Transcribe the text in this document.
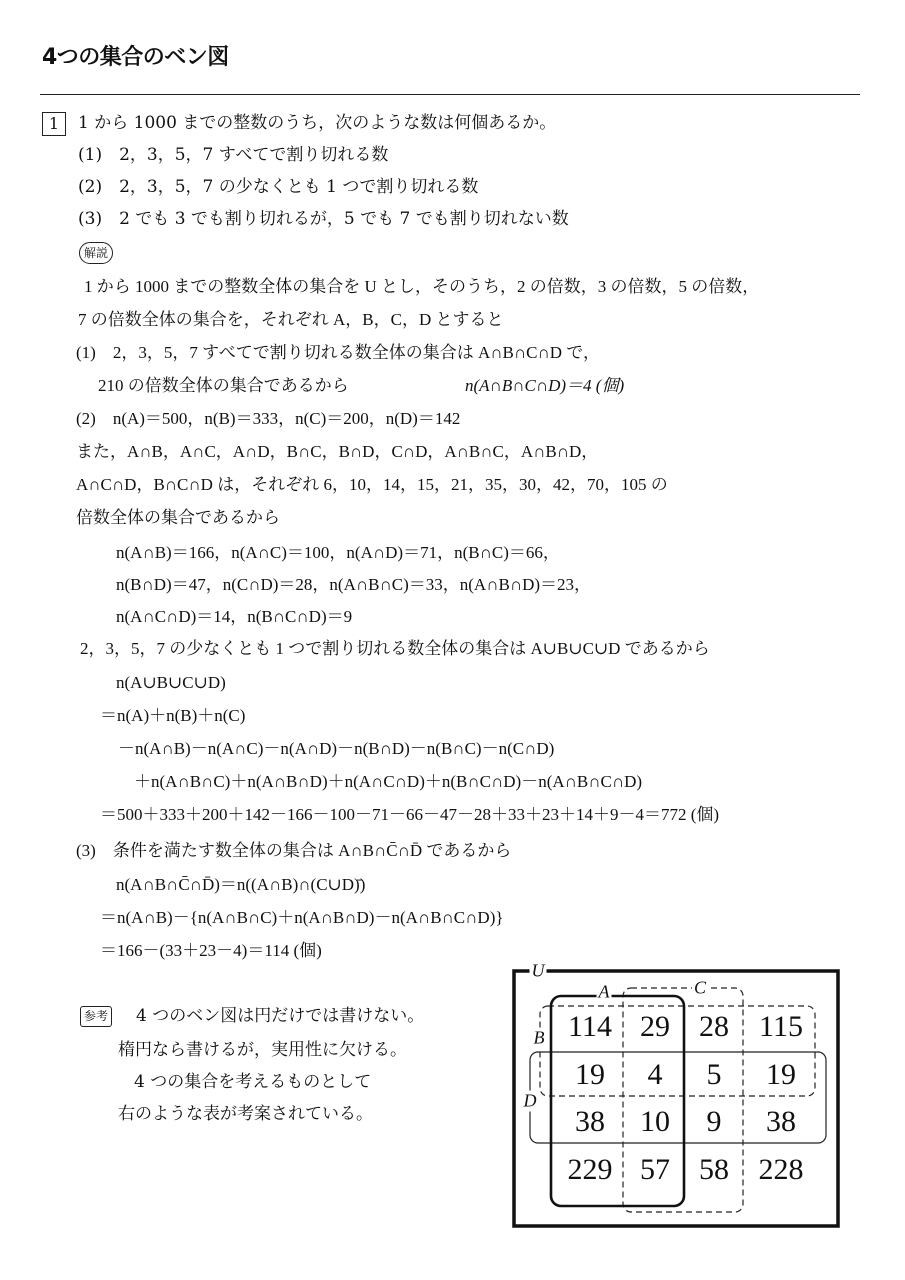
4つの集合のベン図
1	1 から 1000 までの整数のうち，次のような数は何個あるか。
(1)　2，3，5，7 すべてで割り切れる数
(2)　2，3，5，7 の少なくとも 1 つで割り切れる数
(3)　2 でも 3 でも割り切れるが，5 でも 7 でも割り切れない数
解説
1 から 1000 までの整数全体の集合を U とし，そのうち，2 の倍数，3 の倍数，5 の倍数，
7 の倍数全体の集合を，それぞれ A，B，C，D とすると
(1)　2，3，5，7 すべてで割り切れる数全体の集合は A∩B∩C∩D で，
210 の倍数全体の集合であるから	n(A∩B∩C∩D)＝4 (個)
(2)　n(A)＝500，n(B)＝333，n(C)＝200，n(D)＝142
また，A∩B，A∩C，A∩D，B∩C，B∩D，C∩D，A∩B∩C，A∩B∩D，
A∩C∩D，B∩C∩D は，それぞれ 6，10，14，15，21，35，30，42，70，105 の
倍数全体の集合であるから
n(A∩B)＝166，n(A∩C)＝100，n(A∩D)＝71，n(B∩C)＝66，
n(B∩D)＝47，n(C∩D)＝28，n(A∩B∩C)＝33，n(A∩B∩D)＝23，
n(A∩C∩D)＝14，n(B∩C∩D)＝9
2，3，5，7 の少なくとも 1 つで割り切れる数全体の集合は A∪B∪C∪D であるから
n(A∪B∪C∪D)
＝n(A)＋n(B)＋n(C)
－n(A∩B)－n(A∩C)－n(A∩D)－n(B∩D)－n(B∩C)－n(C∩D)
＋n(A∩B∩C)＋n(A∩B∩D)＋n(A∩C∩D)＋n(B∩C∩D)－n(A∩B∩C∩D)
＝500＋333＋200＋142－166－100－71－66－47－28＋33＋23＋14＋9－4＝772 (個)
(3)　条件を満たす数全体の集合は A∩B∩C̄∩D̄ であるから
n(A∩B∩C̄∩D̄)＝n((A∩B)∩(C∪D)̄)
＝n(A∩B)－{n(A∩B∩C)＋n(A∩B∩D)－n(A∩B∩C∩D)}
＝166－(33＋23－4)＝114 (個)
参考 4 つのベン図は円だけでは書けない。
楕円なら書けるが，実用性に欠ける。
4 つの集合を考えるものとして
右のような表が考案されている。
U
A	C
B
D
114 29 28 115
19 4 5 19
38 10 9 38
229 57 58 228
